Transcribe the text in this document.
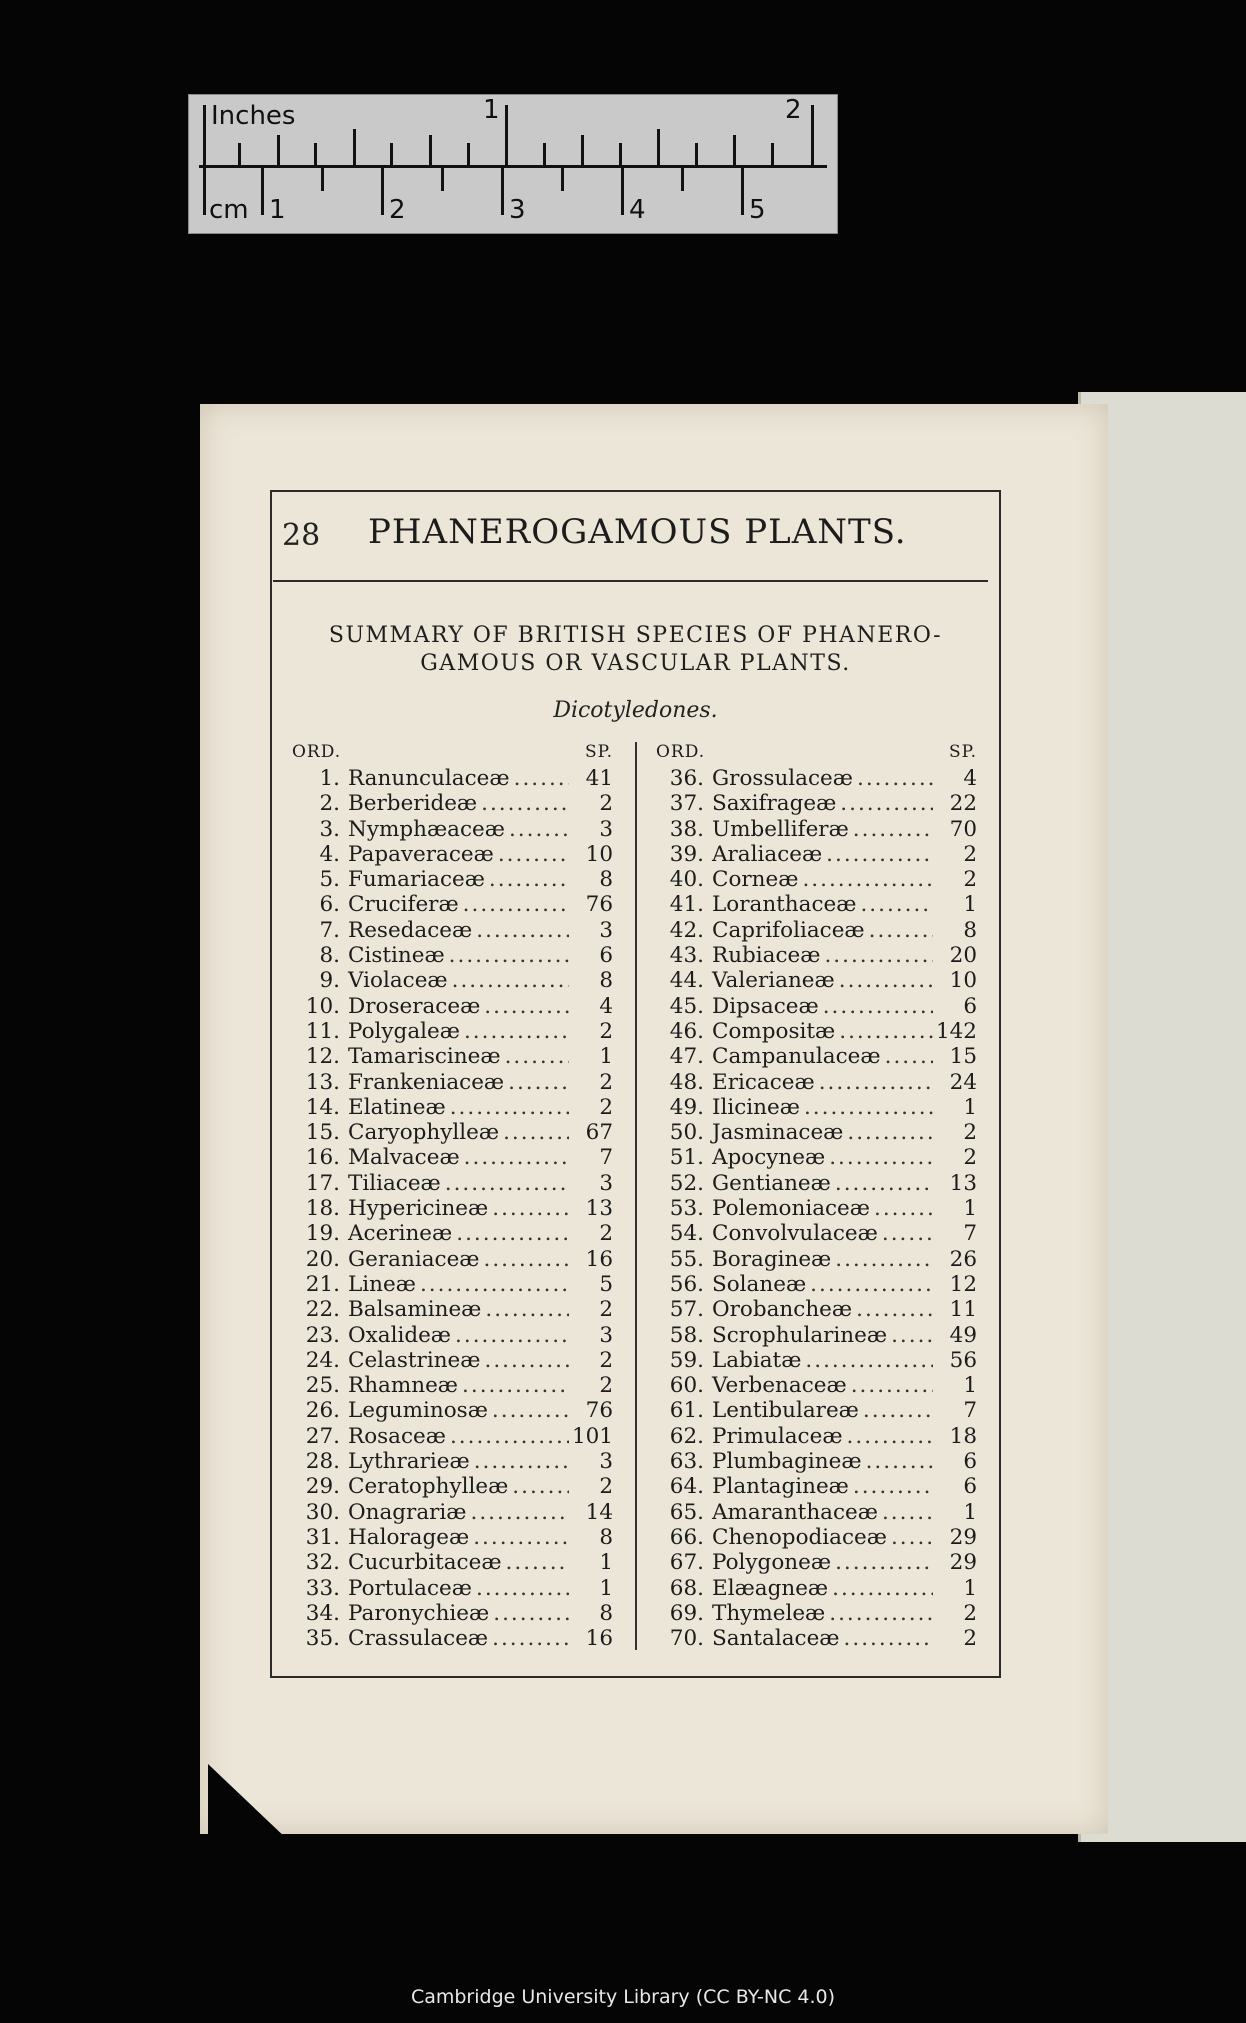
Inches	1	2
cm 1	2	3	4	5
28 PHANEROGAMOUS PLANTS.
SUMMARY OF BRITISH SPECIES OF PHANERO-
GAMOUS OR VASCULAR PLANTS.
Dicotyledones.
ORD.	SP.
1. Ranunculaceæ .....	41
2. Berberideæ .....	2
3. Nymphæaceæ .....	3
4. Papaveraceæ .....	10
5. Fumariaceæ .....	8
6. Cruciferæ .....	76
7. Resedaceæ .....	3
8. Cistineæ .....	6
9. Violaceæ .....	8
10. Droseraceæ .....	4
11. Polygaleæ .....	2
12. Tamariscineæ .....	1
13. Frankeniaceæ .....	2
14. Elatineæ .....	2
15. Caryophylleæ .....	67
16. Malvaceæ .....	7
17. Tiliaceæ .....	3
18. Hypericineæ .....	13
19. Acerineæ .....	2
20. Geraniaceæ .....	16
21. Lineæ .....	5
22. Balsamineæ .....	2
23. Oxalideæ .....	3
24. Celastrineæ .....	2
25. Rhamneæ .....	2
26. Leguminosæ .....	76
27. Rosaceæ .....	101
28. Lythrarieæ .....	3
29. Ceratophylleæ .....	2
30. Onagrariæ .....	14
31. Halorageæ .....	8
32. Cucurbitaceæ .....	1
33. Portulaceæ .....	1
34. Paronychieæ .....	8
35. Crassulaceæ .....	16
ORD.	SP.
36. Grossulaceæ .....	4
37. Saxifrageæ .....	22
38. Umbelliferæ .....	70
39. Araliaceæ .....	2
40. Corneæ .....	2
41. Loranthaceæ .....	1
42. Caprifoliaceæ .....	8
43. Rubiaceæ .....	20
44. Valerianeæ .....	10
45. Dipsaceæ .....	6
46. Compositæ .....	142
47. Campanulaceæ .....	15
48. Ericaceæ .....	24
49. Ilicineæ .....	1
50. Jasminaceæ .....	2
51. Apocyneæ .....	2
52. Gentianeæ .....	13
53. Polemoniaceæ .....	1
54. Convolvulaceæ .....	7
55. Boragineæ .....	26
56. Solaneæ .....	12
57. Orobancheæ .....	11
58. Scrophularineæ .....	49
59. Labiatæ .....	56
60. Verbenaceæ .....	1
61. Lentibulareæ .....	7
62. Primulaceæ .....	18
63. Plumbagineæ .....	6
64. Plantagineæ .....	6
65. Amaranthaceæ .....	1
66. Chenopodiaceæ .....	29
67. Polygoneæ .....	29
68. Elæagneæ .....	1
69. Thymeleæ .....	2
70. Santalaceæ .....	2
Cambridge University Library (CC BY-NC 4.0)
